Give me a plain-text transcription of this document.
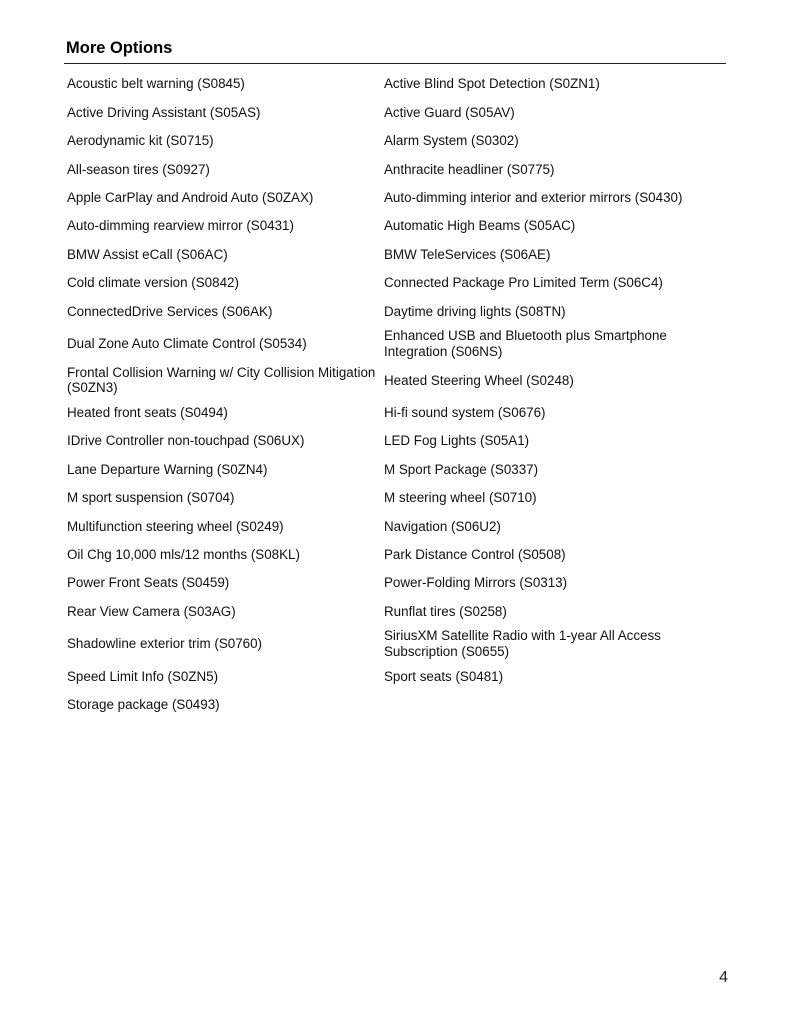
More Options
Acoustic belt warning (S0845)	Active Blind Spot Detection (S0ZN1)
Active Driving Assistant (S05AS)	Active Guard (S05AV)
Aerodynamic kit (S0715)	Alarm System (S0302)
All-season tires (S0927)	Anthracite headliner (S0775)
Apple CarPlay and Android Auto (S0ZAX)	Auto-dimming interior and exterior mirrors (S0430)
Auto-dimming rearview mirror (S0431)	Automatic High Beams (S05AC)
BMW Assist eCall (S06AC)	BMW TeleServices (S06AE)
Cold climate version (S0842)	Connected Package Pro Limited Term (S06C4)
ConnectedDrive Services (S06AK)	Daytime driving lights (S08TN)
Dual Zone Auto Climate Control (S0534)	Enhanced USB and Bluetooth plus Smartphone Integration (S06NS)
Frontal Collision Warning w/ City Collision Mitigation (S0ZN3)	Heated Steering Wheel (S0248)
Heated front seats (S0494)	Hi-fi sound system (S0676)
IDrive Controller non-touchpad (S06UX)	LED Fog Lights (S05A1)
Lane Departure Warning (S0ZN4)	M Sport Package (S0337)
M sport suspension (S0704)	M steering wheel (S0710)
Multifunction steering wheel (S0249)	Navigation (S06U2)
Oil Chg 10,000 mls/12 months (S08KL)	Park Distance Control (S0508)
Power Front Seats (S0459)	Power-Folding Mirrors (S0313)
Rear View Camera (S03AG)	Runflat tires (S0258)
Shadowline exterior trim (S0760)	SiriusXM Satellite Radio with 1-year All Access Subscription (S0655)
Speed Limit Info (S0ZN5)	Sport seats (S0481)
Storage package (S0493)	
4
